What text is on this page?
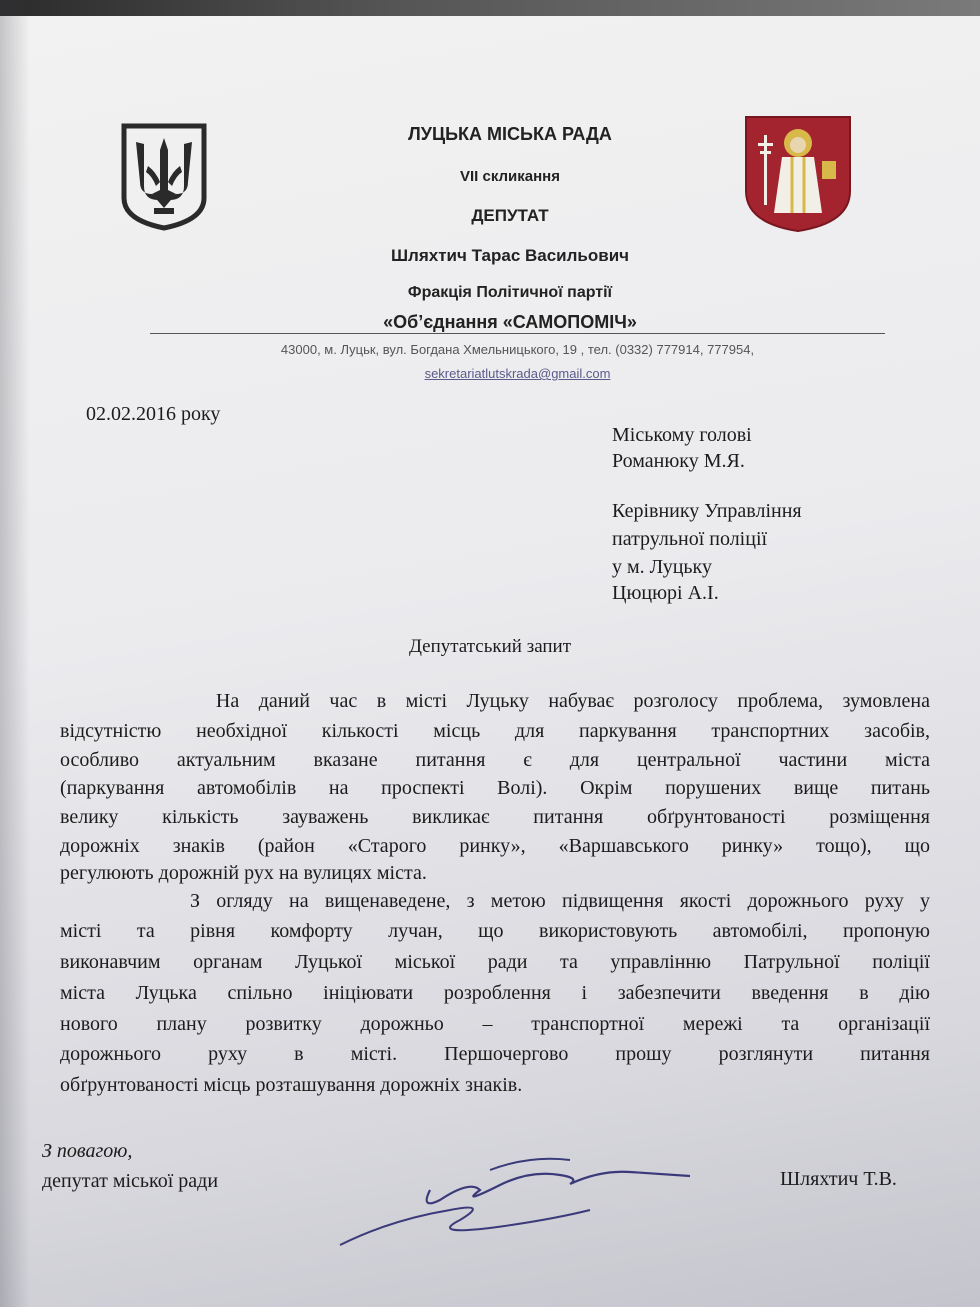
ЛУЦЬКА МІСЬКА РАДА
VII скликання
ДЕПУТАТ
Шляхтич Тарас Васильович
Фракція Політичної партії
«Об’єднання «САМОПОМІЧ»
43000, м. Луцьк, вул. Богдана Хмельницького, 19 , тел. (0332) 777914, 777954,
sekretariatlutskrada@gmail.com
02.02.2016 року
Міському голові
Романюку М.Я.
Керівнику Управління
патрульної поліції
у м. Луцьку
Цюцюрі А.І.
Депутатський запит
На даний час в місті Луцьку набуває розголосу проблема, зумовлена
відсутністю необхідної кількості місць для паркування транспортних засобів,
особливо актуальним вказане питання є для центральної частини міста
(паркування автомобілів на проспекті Волі). Окрім порушених вище питань
велику кількість зауважень викликає питання обґрунтованості розміщення
дорожніх знаків (район «Старого ринку», «Варшавського ринку» тощо), що
регулюють дорожній рух на вулицях міста.
З огляду на вищенаведене, з метою підвищення якості дорожнього руху у
місті та рівня комфорту лучан, що використовують автомобілі, пропоную
виконавчим органам Луцької міської ради та управлінню Патрульної поліції
міста Луцька спільно ініціювати розроблення і забезпечити введення в дію
нового плану розвитку дорожньо – транспортної мережі та організації
дорожнього руху в місті. Першочергово прошу розглянути питання
обґрунтованості місць розташування дорожніх знаків.
З повагою,
депутат міської ради	Шляхтич Т.В.
